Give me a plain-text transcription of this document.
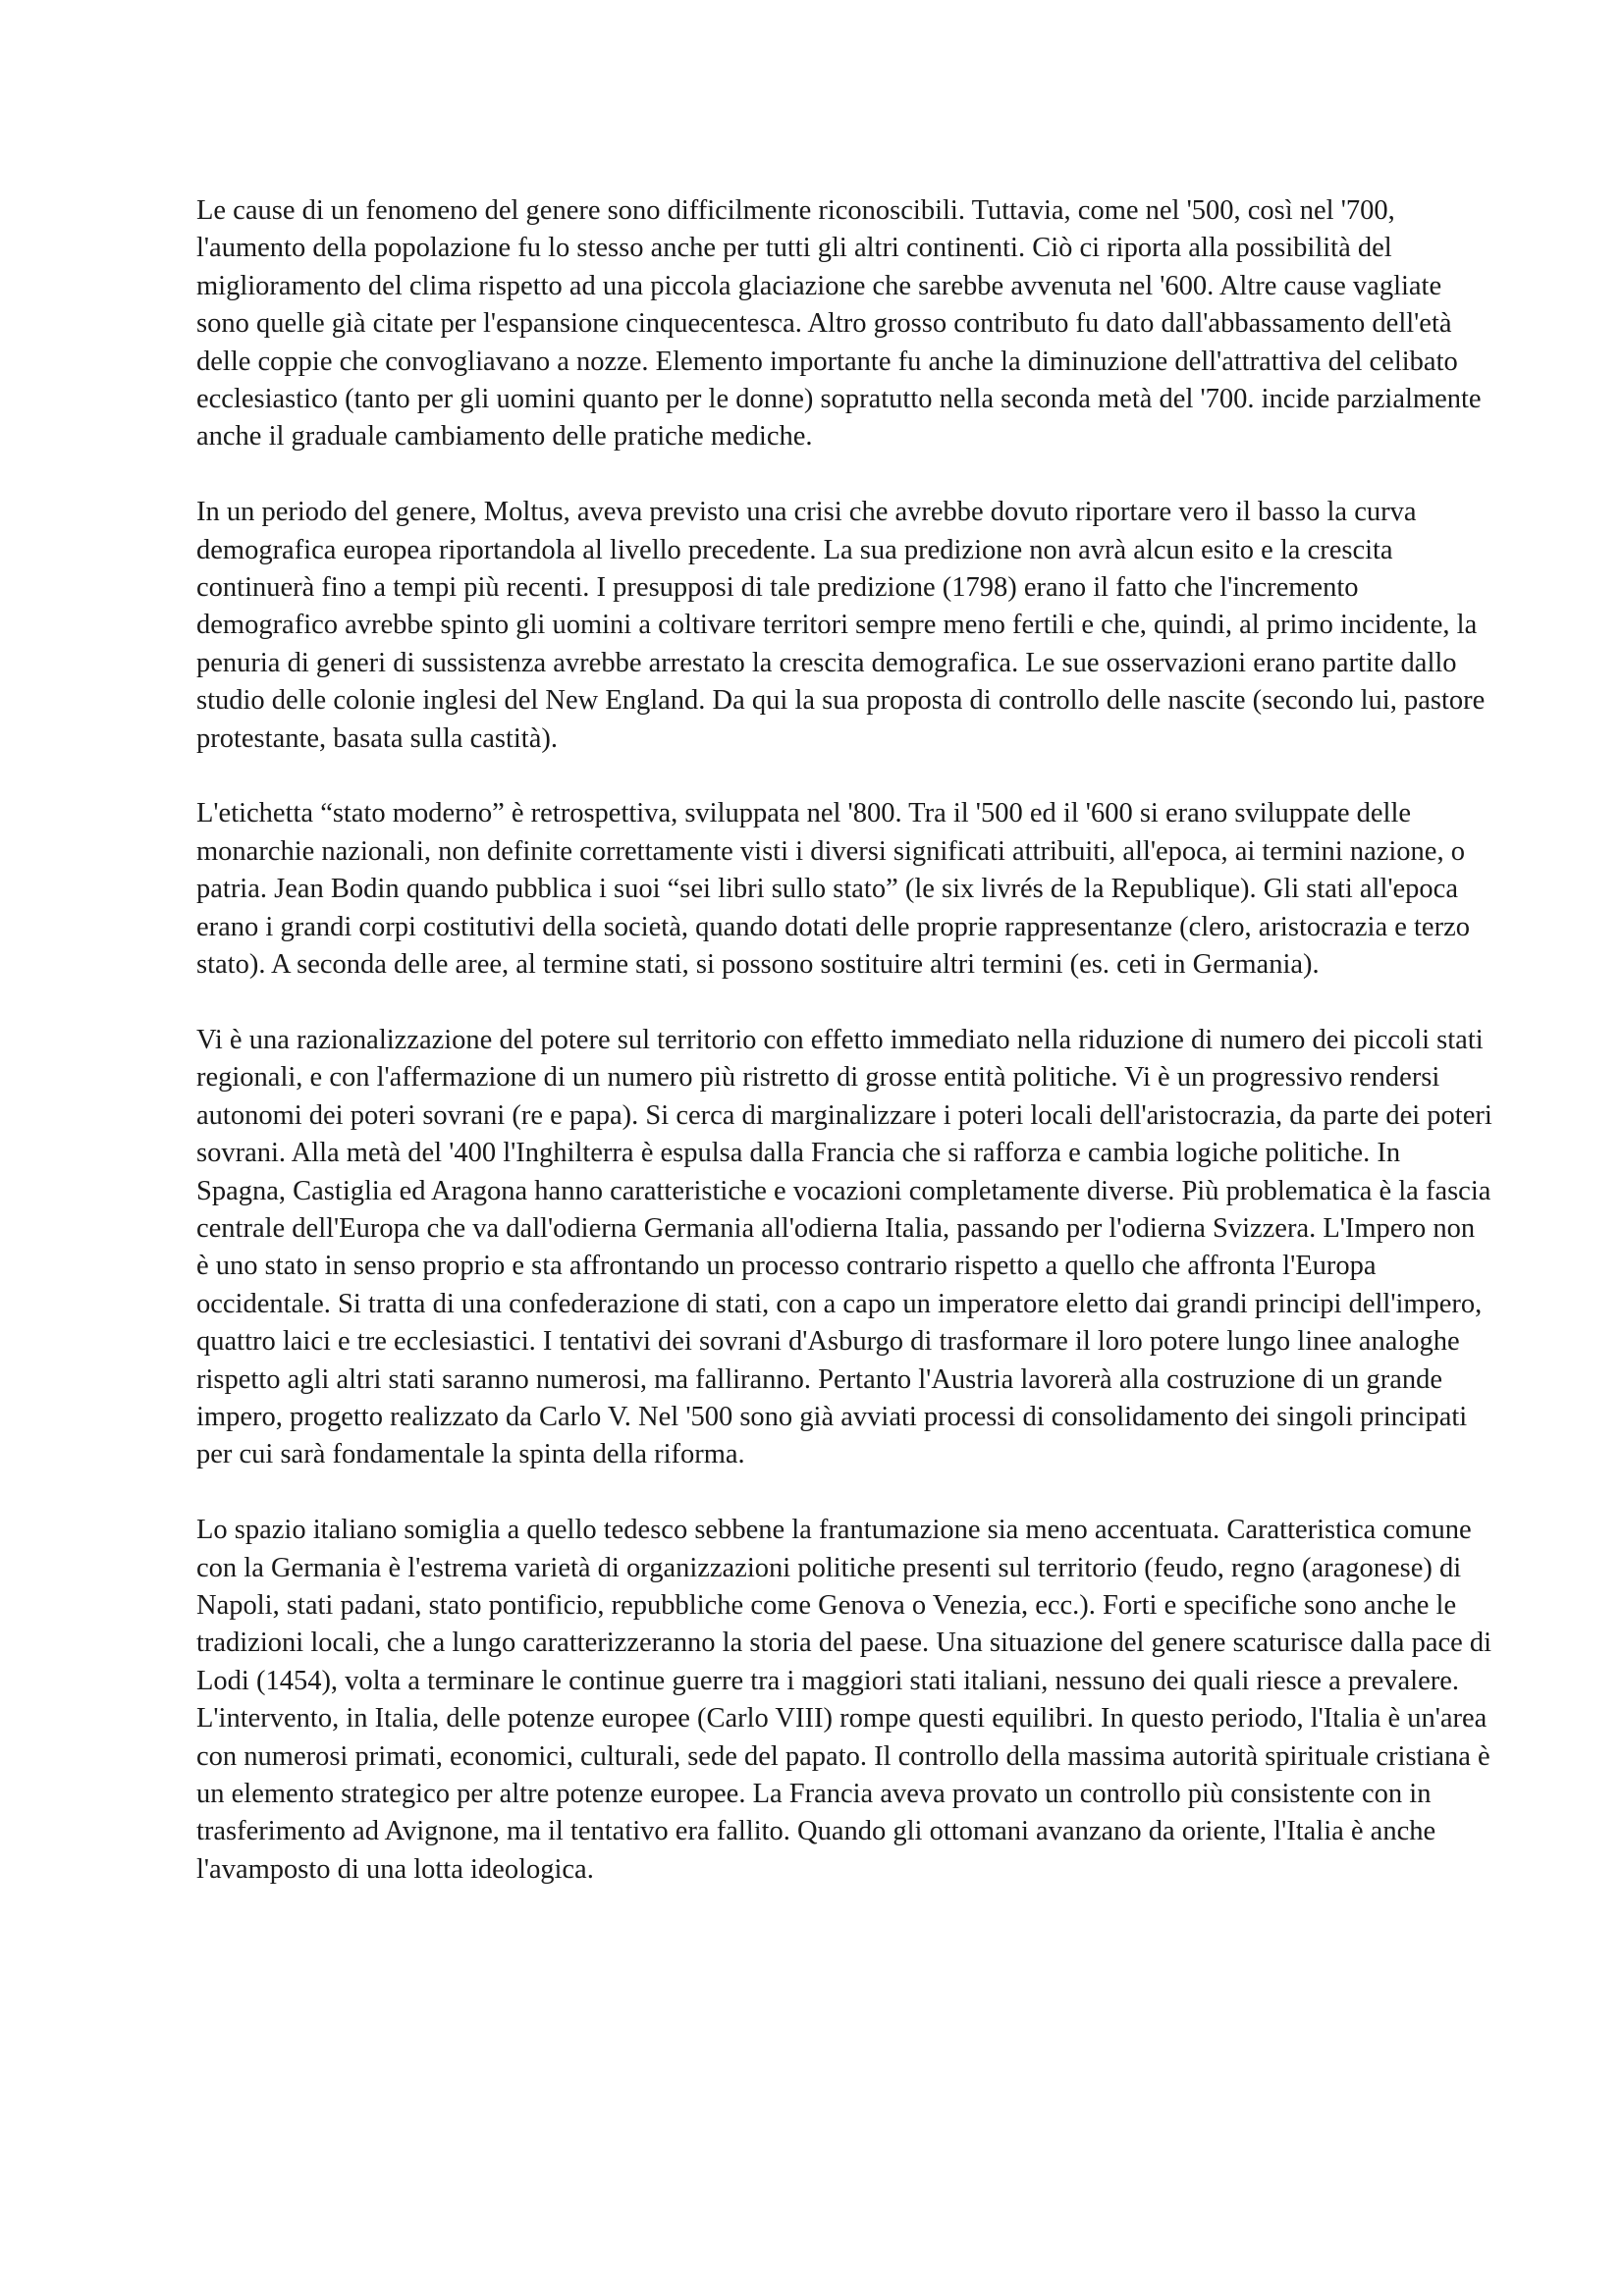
Le cause di un fenomeno del genere sono difficilmente riconoscibili. Tuttavia, come nel '500, così nel '700, l'aumento della popolazione fu lo stesso anche per tutti gli altri continenti. Ciò ci riporta alla possibilità del miglioramento del clima rispetto ad una piccola glaciazione che sarebbe avvenuta nel '600. Altre cause vagliate sono quelle già citate per l'espansione cinquecentesca. Altro grosso contributo fu dato dall'abbassamento dell'età delle coppie che convogliavano a nozze. Elemento importante fu anche la diminuzione dell'attrattiva del celibato ecclesiastico (tanto per gli uomini quanto per le donne) sopratutto nella seconda metà del '700. incide parzialmente anche il graduale cambiamento delle pratiche mediche.

In un periodo del genere, Moltus, aveva previsto una crisi che avrebbe dovuto riportare vero il basso la curva demografica europea riportandola al livello precedente. La sua predizione non avrà alcun esito e la crescita continuerà fino a tempi più recenti. I presupposi di tale predizione (1798) erano il fatto che l'incremento demografico avrebbe spinto gli uomini a coltivare territori sempre meno fertili e che, quindi, al primo incidente, la penuria di generi di sussistenza avrebbe arrestato la crescita demografica. Le sue osservazioni erano partite dallo studio delle colonie inglesi del New England. Da qui la sua proposta di controllo delle nascite (secondo lui, pastore protestante, basata sulla castità).

L'etichetta “stato moderno” è retrospettiva, sviluppata nel '800. Tra il '500 ed il '600 si erano sviluppate delle monarchie nazionali, non definite correttamente visti i diversi significati attribuiti, all'epoca, ai termini nazione, o patria. Jean Bodin quando pubblica i suoi “sei libri sullo stato” (le six livrés de la Republique). Gli stati all'epoca erano i grandi corpi costitutivi della società, quando dotati delle proprie rappresentanze (clero, aristocrazia e terzo stato). A seconda delle aree, al termine stati, si possono sostituire altri termini (es. ceti in Germania).

Vi è una razionalizzazione del potere sul territorio con effetto immediato nella riduzione di numero dei piccoli stati regionali, e con l'affermazione di un numero più ristretto di grosse entità politiche. Vi è un progressivo rendersi autonomi dei poteri sovrani (re e papa). Si cerca di marginalizzare i poteri locali dell'aristocrazia, da parte dei poteri sovrani. Alla metà del '400 l'Inghilterra è espulsa dalla Francia che si rafforza e cambia logiche politiche. In Spagna, Castiglia ed Aragona hanno caratteristiche e vocazioni completamente diverse. Più problematica è la fascia centrale dell'Europa che va dall'odierna Germania all'odierna Italia, passando per l'odierna Svizzera. L'Impero non è uno stato in senso proprio e sta affrontando un processo contrario rispetto a quello che affronta l'Europa occidentale. Si tratta di una confederazione di stati, con a capo un imperatore eletto dai grandi principi dell'impero, quattro laici e tre ecclesiastici. I tentativi dei sovrani d'Asburgo di trasformare il loro potere lungo linee analoghe rispetto agli altri stati saranno numerosi, ma falliranno. Pertanto l'Austria lavorerà alla costruzione di un grande impero, progetto realizzato da Carlo V. Nel '500 sono già avviati processi di consolidamento dei singoli principati per cui sarà fondamentale la spinta della riforma.

Lo spazio italiano somiglia a quello tedesco sebbene la frantumazione sia meno accentuata. Caratteristica comune con la Germania è l'estrema varietà di organizzazioni politiche presenti sul territorio (feudo, regno (aragonese) di Napoli, stati padani, stato pontificio, repubbliche come Genova o Venezia, ecc.). Forti e specifiche sono anche le tradizioni locali, che a lungo caratterizzeranno la storia del paese. Una situazione del genere scaturisce dalla pace di Lodi (1454), volta a terminare le continue guerre tra i maggiori stati italiani, nessuno dei quali riesce a prevalere. L'intervento, in Italia, delle potenze europee (Carlo VIII) rompe questi equilibri. In questo periodo, l'Italia è un'area con numerosi primati, economici, culturali, sede del papato. Il controllo della massima autorità spirituale cristiana è un elemento strategico per altre potenze europee. La Francia aveva provato un controllo più consistente con in trasferimento ad Avignone, ma il tentativo era fallito. Quando gli ottomani avanzano da oriente, l'Italia è anche l'avamposto di una lotta ideologica.
